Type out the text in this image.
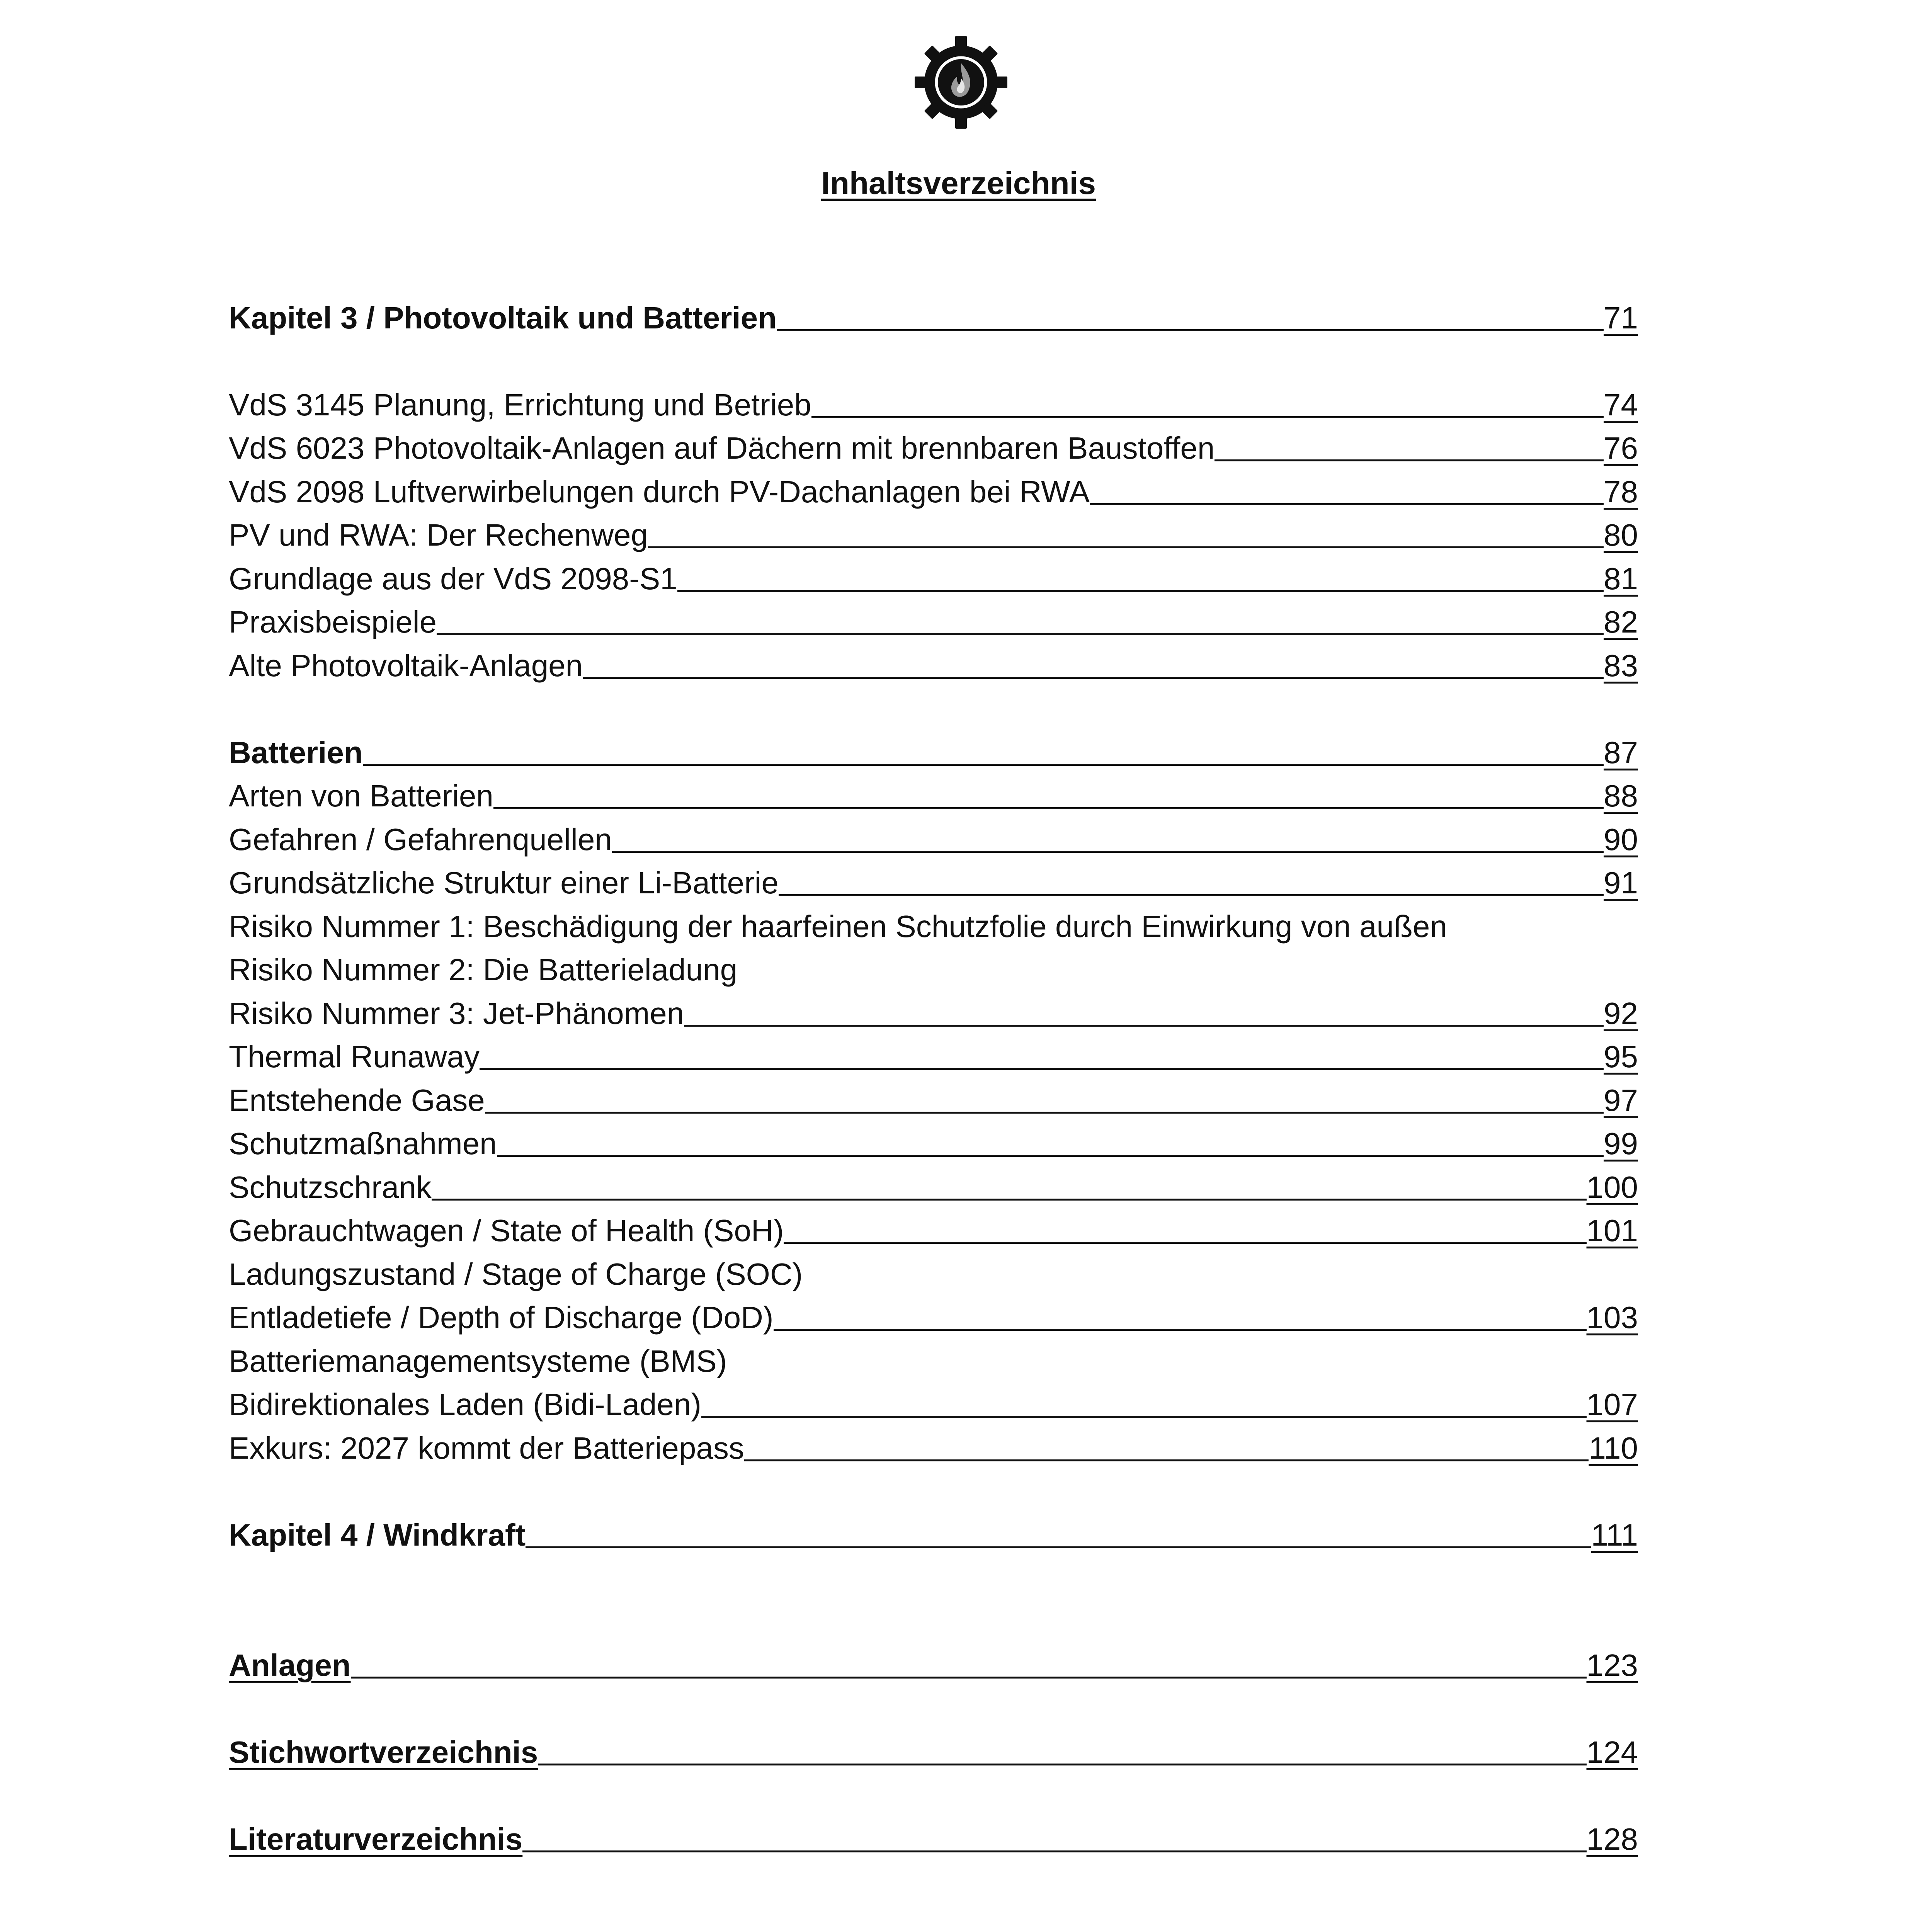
Inhaltsverzeichnis
Kapitel 3 / Photovoltaik und Batterien	71
VdS 3145 Planung, Errichtung und Betrieb	74
VdS 6023 Photovoltaik-Anlagen auf Dächern mit brennbaren Baustoffen	76
VdS 2098 Luftverwirbelungen durch PV-Dachanlagen bei RWA	78
PV und RWA: Der Rechenweg	80
Grundlage aus der VdS 2098-S1	81
Praxisbeispiele	82
Alte Photovoltaik-Anlagen	83
Batterien	87
Arten von Batterien	88
Gefahren / Gefahrenquellen	90
Grundsätzliche Struktur einer Li-Batterie	91
Risiko Nummer 1: Beschädigung der haarfeinen Schutzfolie durch Einwirkung von außen
Risiko Nummer 2: Die Batterieladung
Risiko Nummer 3: Jet-Phänomen	92
Thermal Runaway	95
Entstehende Gase	97
Schutzmaßnahmen	99
Schutzschrank	100
Gebrauchtwagen / State of Health (SoH)	101
Ladungszustand / Stage of Charge (SOC)
Entladetiefe / Depth of Discharge (DoD)	103
Batteriemanagementsysteme (BMS)
Bidirektionales Laden (Bidi-Laden)	107
Exkurs: 2027 kommt der Batteriepass	110
Kapitel 4 / Windkraft	111
Anlagen	123
Stichwortverzeichnis	124
Literaturverzeichnis	128
